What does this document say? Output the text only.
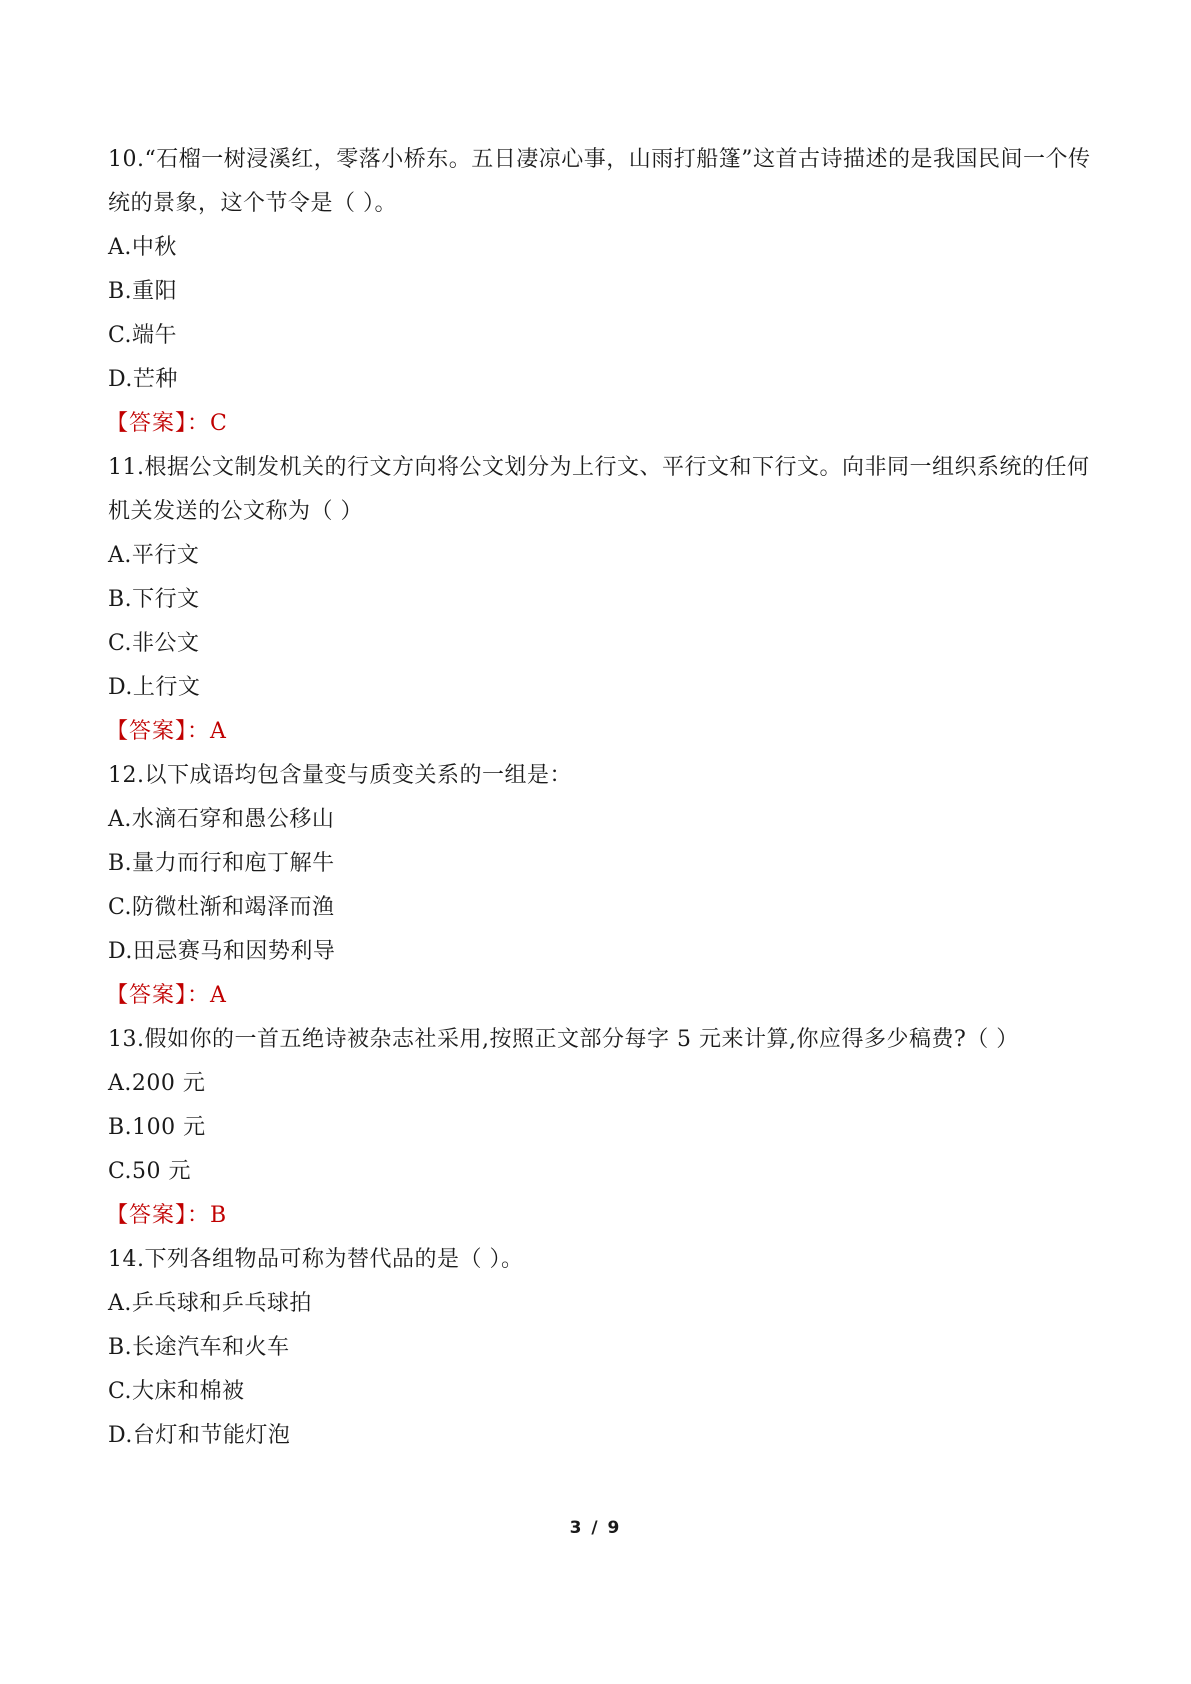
10.“石榴一树浸溪红，零落小桥东。五日凄凉心事，山雨打船篷”这首古诗描述的是我国民间一个传统的景象，这个节令是（ ）。

A.中秋

B.重阳

C.端午

D.芒种

【答案】：C

11.根据公文制发机关的行文方向将公文划分为上行文、平行文和下行文。向非同一组织系统的任何机关发送的公文称为（ ）

A.平行文

B.下行文

C.非公文

D.上行文

【答案】：A

12.以下成语均包含量变与质变关系的一组是：

A.水滴石穿和愚公移山

B.量力而行和庖丁解牛

C.防微杜渐和竭泽而渔

D.田忌赛马和因势利导

【答案】：A

13.假如你的一首五绝诗被杂志社采用,按照正文部分每字 5 元来计算,你应得多少稿费?（ ）

A.200 元

B.100 元

C.50 元

【答案】：B

14.下列各组物品可称为替代品的是（ ）。

A.乒乓球和乒乓球拍

B.长途汽车和火车

C.大床和棉被

D.台灯和节能灯泡

3 / 9
